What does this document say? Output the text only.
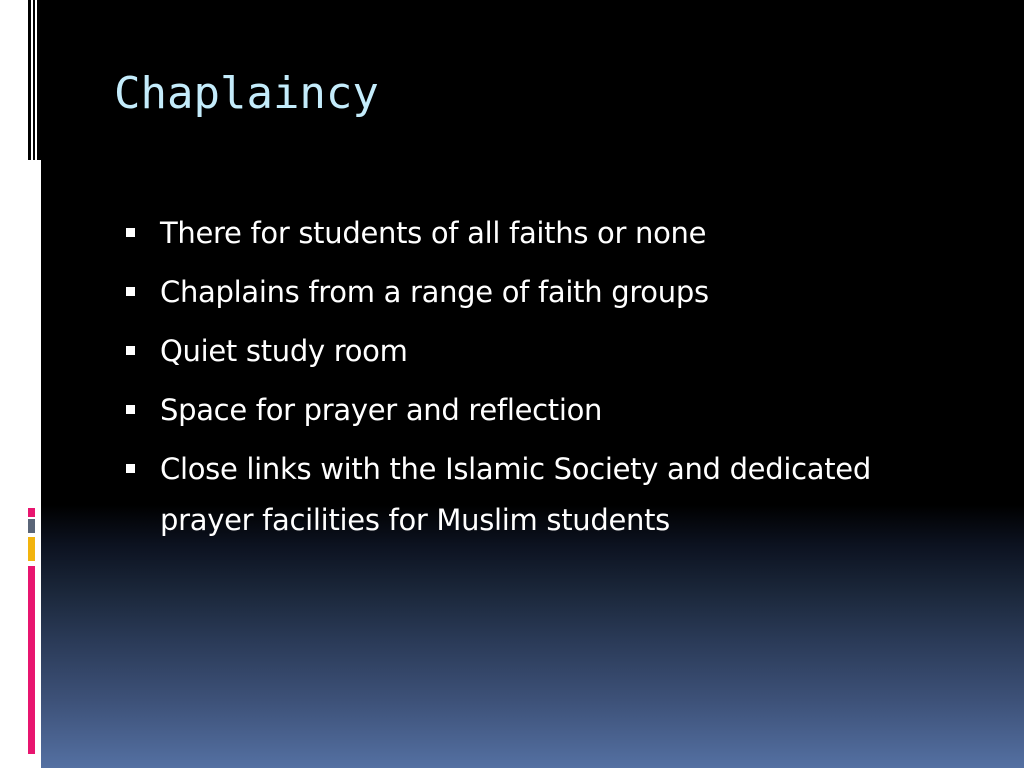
Chaplaincy
There for students of all faiths or none
Chaplains from a range of faith groups
Quiet study room
Space for prayer and reflection
Close links with the Islamic Society and dedicated prayer facilities for Muslim students
